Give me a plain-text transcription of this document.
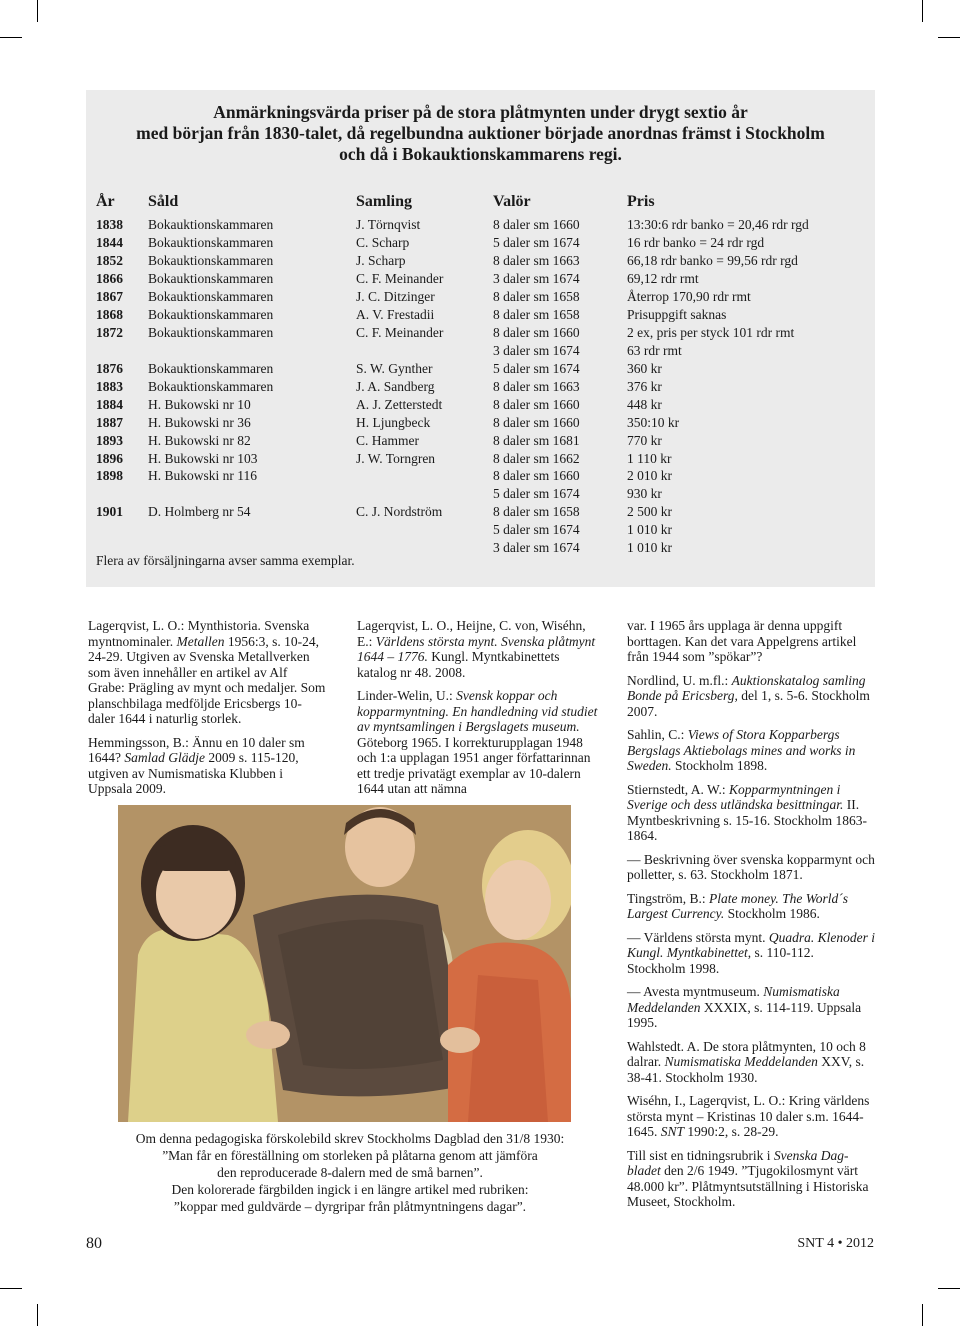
Anmärkningsvärda priser på de stora plåtmynten under drygt sextio år
med början från 1830-talet, då regelbundna auktioner började anordnas främst i Stockholm
och då i Bokauktionskammarens regi.
År Såld	Samling	Valör	Pris
1838 Bokauktionskammaren	J. Törnqvist	8 daler sm 1660	13:30:6 rdr banko = 20,46 rdr rgd
1844 Bokauktionskammaren	C. Scharp	5 daler sm 1674	16 rdr banko = 24 rdr rgd
1852 Bokauktionskammaren	J. Scharp	8 daler sm 1663	66,18 rdr banko = 99,56 rdr rgd
1866 Bokauktionskammaren	C. F. Meinander	3 daler sm 1674	69,12 rdr rmt
1867 Bokauktionskammaren	J. C. Ditzinger	8 daler sm 1658	Återrop 170,90 rdr rmt
1868 Bokauktionskammaren	A. V. Frestadii	8 daler sm 1658	Prisuppgift saknas
1872 Bokauktionskammaren	C. F. Meinander	8 daler sm 1660	2 ex, pris per styck 101 rdr rmt
3 daler sm 1674	63 rdr rmt
1876 Bokauktionskammaren	S. W. Gynther	5 daler sm 1674	360 kr
1883 Bokauktionskammaren	J. A. Sandberg	8 daler sm 1663	376 kr
1884 H. Bukowski nr 10	A. J. Zetterstedt	8 daler sm 1660	448 kr
1887 H. Bukowski nr 36	H. Ljungbeck	8 daler sm 1660	350:10 kr
1893 H. Bukowski nr 82	C. Hammer	8 daler sm 1681	770 kr
1896 H. Bukowski nr 103	J. W. Torngren	8 daler sm 1662	1 110 kr
1898 H. Bukowski nr 116	8 daler sm 1660	2 010 kr
5 daler sm 1674	930 kr
1901 D. Holmberg nr 54	C. J. Nordström	8 daler sm 1658	2 500 kr
5 daler sm 1674	1 010 kr
3 daler sm 1674	1 010 kr
Flera av försäljningarna avser samma exemplar.

Lagerqvist, L. O.: Mynthistoria. Svenska myntnominaler. Metallen 1956:3, s. 10-24, 24-29. Utgiven av Svenska Metallverken som även innehåller en artikel av Alf Grabe: Prägling av mynt och medaljer. Som planschbilaga medföljde Ericsbergs 10-daler 1644 i naturlig storlek.

Hemmingsson, B.: Ännu en 10 daler sm 1644? Samlad Glädje 2009 s. 115-120, utgiven av Numismatiska Klubben i Uppsala 2009.

Lagerqvist, L. O., Heijne, C. von, Wiséhn, E.: Världens största mynt. Svenska plåtmynt 1644 – 1776. Kungl. Myntkabinettets katalog nr 48. 2008.

Linder-Welin, U.: Svensk koppar och kopparmyntning. En handledning vid studiet av myntsamlingen i Bergslagets museum. Göteborg 1965. I korrekturupplagan 1948 och 1:a upplagan 1951 anger författarinnan ett tredje privatägt exemplar av 10-dalern 1644 utan att nämna

var. I 1965 års upplaga är denna uppgift borttagen. Kan det vara Appelgrens artikel från 1944 som ”spökar”?

Nordlind, U. m.fl.: Auktionskatalog samling Bonde på Ericsberg, del 1, s. 5-6. Stockholm 2007.

Sahlin, C.: Views of Stora Kopparbergs Bergslags Aktiebolags mines and works in Sweden. Stockholm 1898.

Stiernstedt, A. W.: Kopparmyntningen i Sverige och dess utländska besittningar. II. Myntbeskrivning s. 15-16. Stockholm 1863-1864.

— Beskrivning över svenska kopparmynt och polletter, s. 63. Stockholm 1871.

Tingström, B.: Plate money. The World´s Largest Currency. Stockholm 1986.

— Världens största mynt. Quadra. Klenoder i Kungl. Myntkabinettet, s. 110-112. Stockholm 1998.

— Avesta myntmuseum. Numismatiska Meddelanden XXXIX, s. 114-119. Uppsala 1995.

Wahlstedt. A. De stora plåtmynten, 10 och 8 dalrar. Numismatiska Meddelanden XXV, s. 38-41. Stockholm 1930.

Wiséhn, I., Lagerqvist, L. O.: Kring världens största mynt – Kristinas 10 daler s.m. 1644-1645. SNT 1990:2, s. 28-29.

Till sist en tidningsrubrik i Svenska Dagbladet den 2/6 1949. ”Tjugokilosmynt värt 48.000 kr”. Plåtmyntsutställning i Historiska Museet, Stockholm.

Om denna pedagogiska förskolebild skrev Stockholms Dagblad den 31/8 1930:
”Man får en föreställning om storleken på plåtarna genom att jämföra
den reproducerade 8-dalern med de små barnen”.
Den kolorerade färgbilden ingick i en längre artikel med rubriken:
”koppar med guldvärde – dyrgripar från plåtmyntningens dagar”.
80	SNT 4 • 2012
